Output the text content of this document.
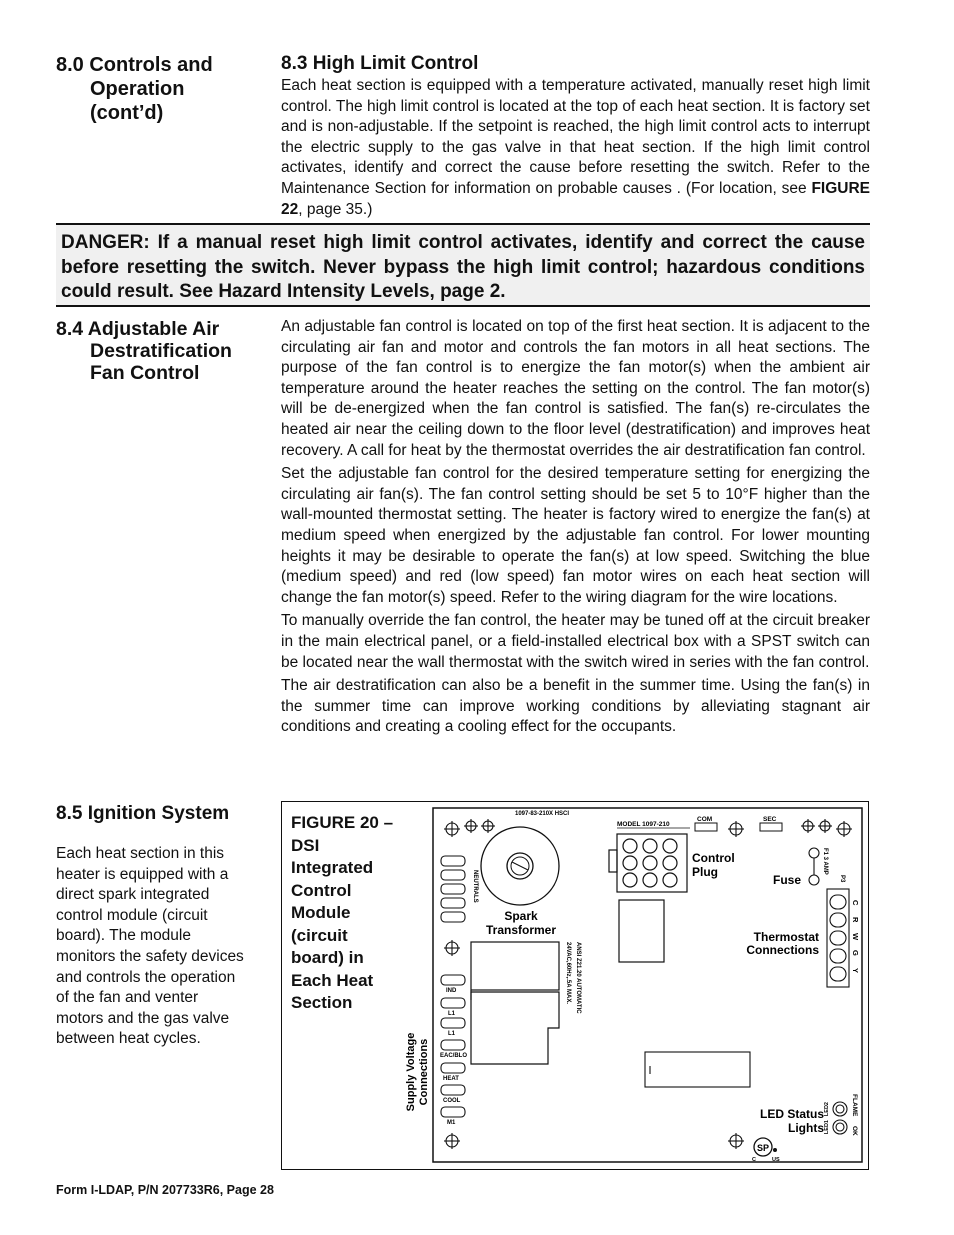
8.0 Controls and
Operation
(cont’d)
8.3 High Limit Control
Each heat section is equipped with a temperature activated, manually reset high limit control. The high limit control is located at the top of each heat section. It is factory set and is non-adjustable. If the setpoint is reached, the high limit control acts to interrupt the electric supply to the gas valve in that heat section. If the high limit control activates, identify and correct the cause before resetting the switch. Refer to the Maintenance Section for information on probable causes . (For location, see FIGURE 22, page 35.)

DANGER: If a manual reset high limit control activates, identify and correct the cause before resetting the switch. Never bypass the high limit control; hazardous conditions could result. See Hazard Intensity Levels, page 2.

8.4 Adjustable Air
Destratification
Fan Control

An adjustable fan control is located on top of the first heat section. It is adjacent to the circulating air fan and motor and controls the fan motors in all heat sections. The purpose of the fan control is to energize the fan motor(s) when the ambient air temperature around the heater reaches the setting on the control. The fan motor(s) will be de-energized when the fan control is satisfied. The fan(s) re-circulates the heated air near the ceiling down to the floor level (destratification) and improves heat recovery. A call for heat by the thermostat overrides the air destratification fan control.

Set the adjustable fan control for the desired temperature setting for energizing the circulating air fan(s). The fan control setting should be set 5 to 10°F higher than the wall-mounted thermostat setting. The heater is factory wired to energize the fan(s) at medium speed when energized by the adjustable fan control. For lower mounting heights it may be desirable to operate the fan(s) at low speed. Switching the blue (medium speed) and red (low speed) fan motor wires on each heat section will change the fan motor(s) speed. Refer to the wiring diagram for the wire locations.

To manually override the fan control, the heater may be tuned off at the circuit breaker in the main electrical panel, or a field-installed electrical box with a SPST switch can be located near the wall thermostat with the switch wired in series with the fan control.

The air destratification can also be a benefit in the summer time. Using the fan(s) in the summer time can improve working conditions by alleviating stagnant air conditions and creating a cooling effect for the occupants.

8.5 Ignition System
Each heat section in this heater is equipped with a direct spark integrated control module (circuit board). The module monitors the safety devices and controls the operation of the fan and venter motors and the gas valve between heat cycles.
FIGURE 20 –
DSI
Integrated
Control
Module
(circuit
board) in
Each Heat
Section
1097-83-210X HSCI
MODEL 1097-210
COM	SEC
NEUTRALS
Spark
Transformer
Control
Plug
Fuse
F1 3 AMP
P3
C
R
W
G
Y
Thermostat
Connections
24VAC,60Hz,.5A MAX. ANSI Z21.20 AUTOMATIC
IND
L1
L1
EAC/BLO
HEAT
COOL
M1
Supply Voltage Connections
LED2
LED1
FLAME
OK
LED Status
Lights
SP
C	US
Form I-LDAP, P/N 207733R6, Page 28
